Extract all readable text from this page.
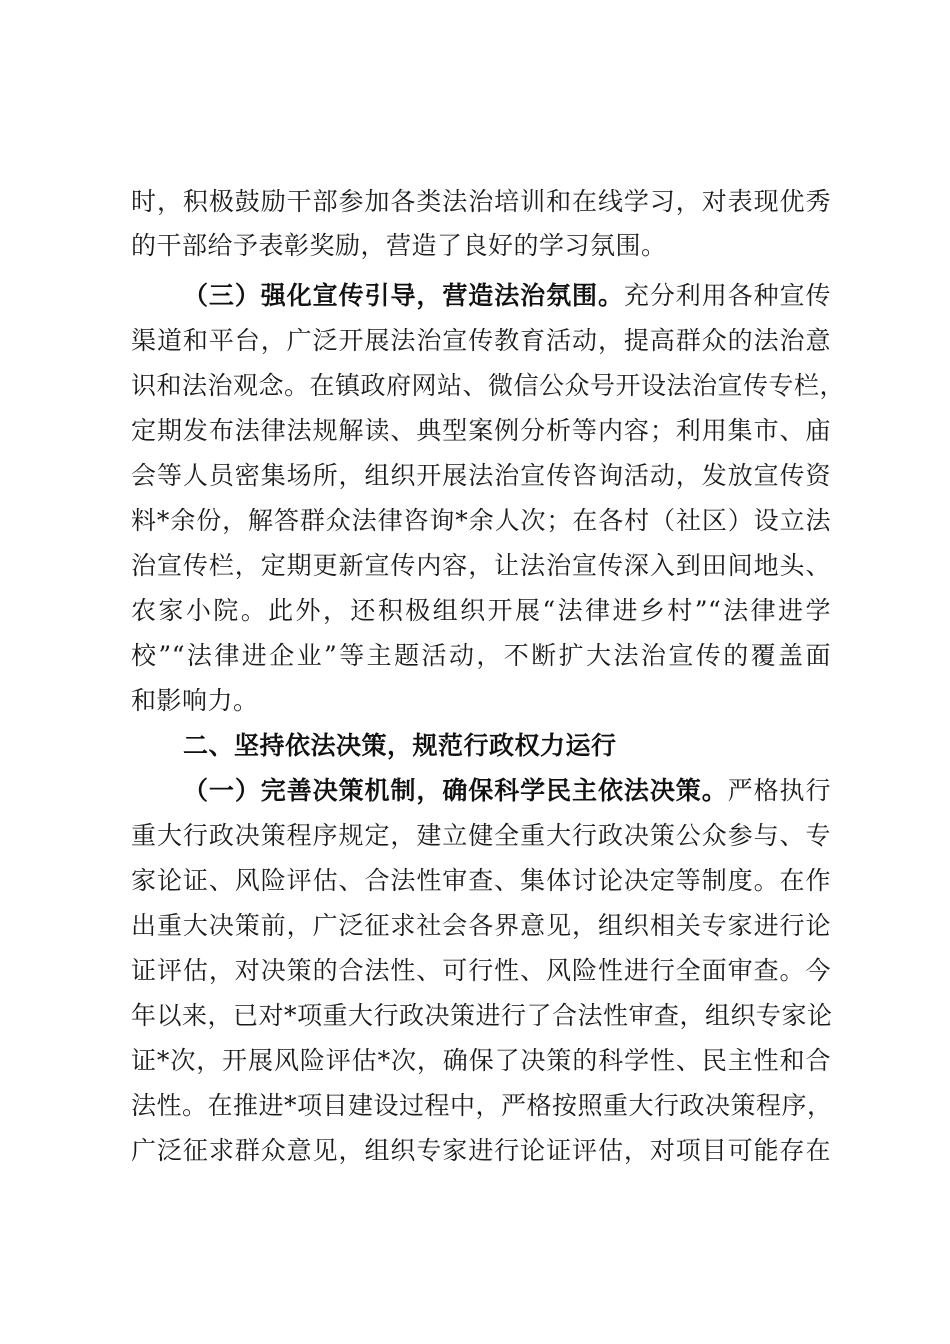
时，积极鼓励干部参加各类法治培训和在线学习，对表现优秀
的干部给予表彰奖励，营造了良好的学习氛围。
（三）强化宣传引导，营造法治氛围。充分利用各种宣传
渠道和平台，广泛开展法治宣传教育活动，提高群众的法治意
识和法治观念。在镇政府网站、微信公众号开设法治宣传专栏，
定期发布法律法规解读、典型案例分析等内容；利用集市、庙
会等人员密集场所，组织开展法治宣传咨询活动，发放宣传资
料*余份，解答群众法律咨询*余人次；在各村（社区）设立法
治宣传栏，定期更新宣传内容，让法治宣传深入到田间地头、
农家小院。此外，还积极组织开展“法律进乡村”“法律进学
校”“法律进企业”等主题活动，不断扩大法治宣传的覆盖面
和影响力。
二、坚持依法决策，规范行政权力运行
（一）完善决策机制，确保科学民主依法决策。严格执行
重大行政决策程序规定，建立健全重大行政决策公众参与、专
家论证、风险评估、合法性审查、集体讨论决定等制度。在作
出重大决策前，广泛征求社会各界意见，组织相关专家进行论
证评估，对决策的合法性、可行性、风险性进行全面审查。今
年以来，已对*项重大行政决策进行了合法性审查，组织专家论
证*次，开展风险评估*次，确保了决策的科学性、民主性和合
法性。在推进*项目建设过程中，严格按照重大行政决策程序，
广泛征求群众意见，组织专家进行论证评估，对项目可能存在
